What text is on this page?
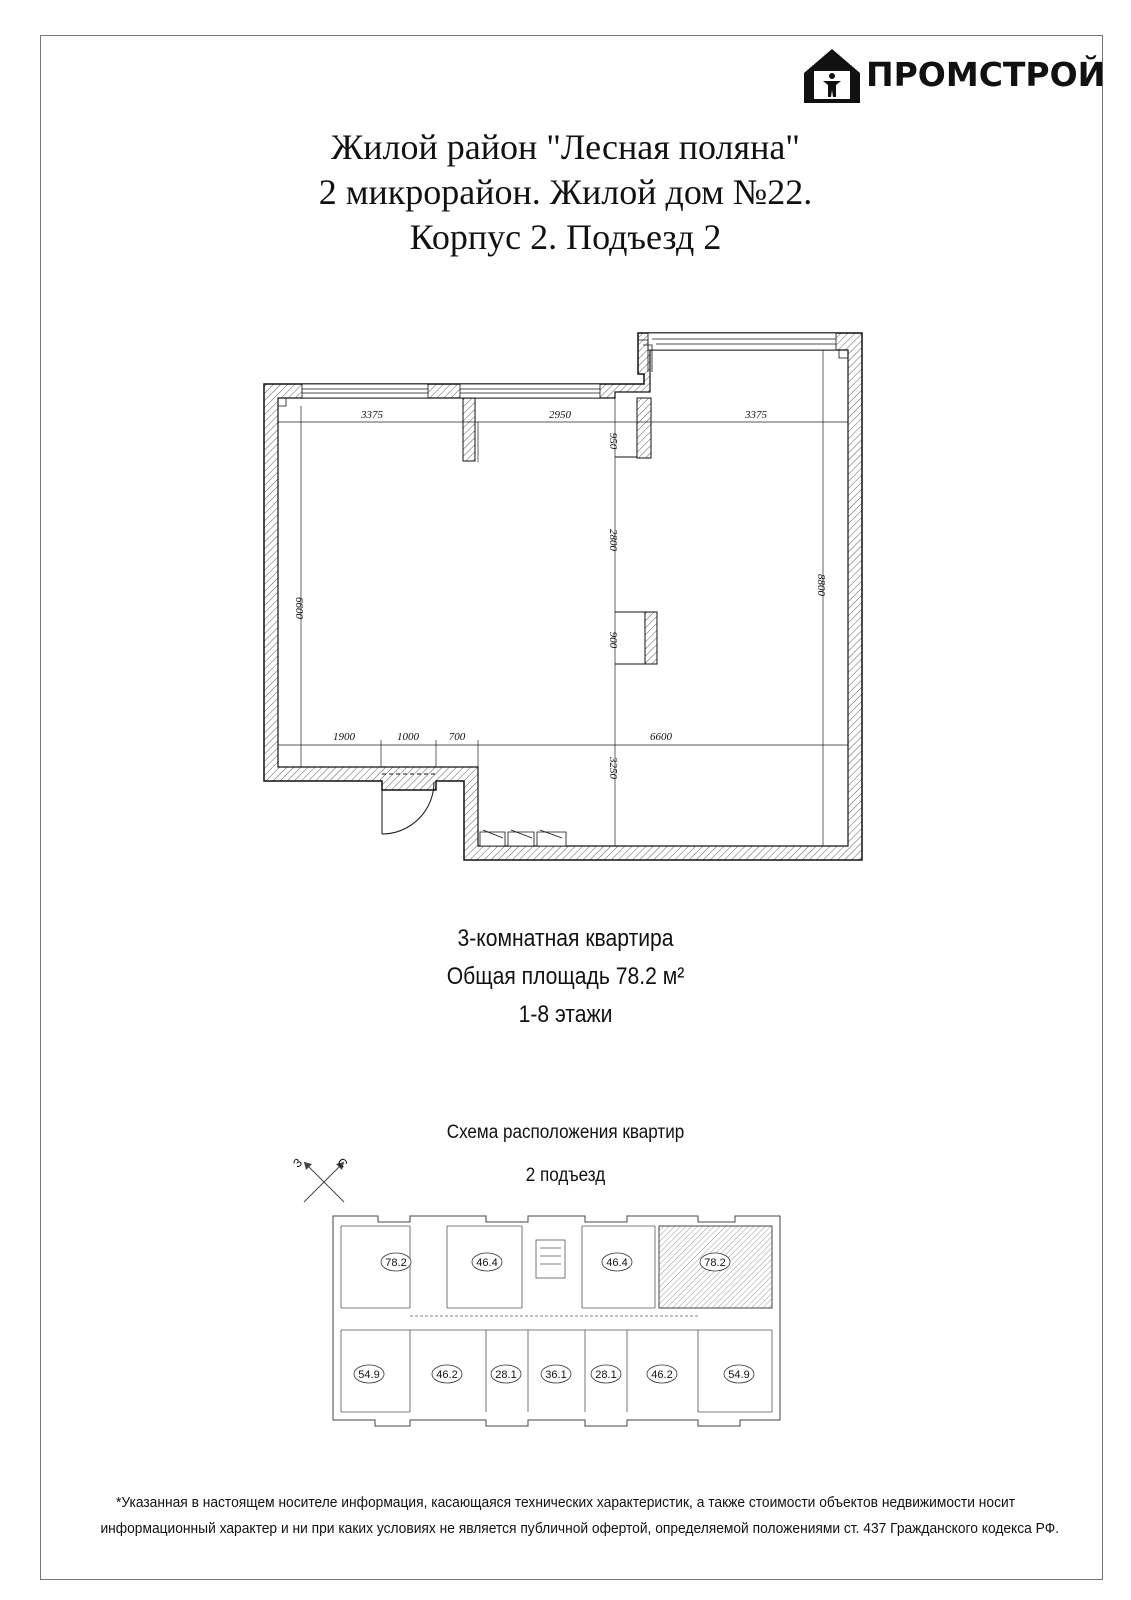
ПРОМСТРОЙ
Жилой район "Лесная поляна"
2 микрорайон. Жилой дом №22.
Корпус 2. Подъезд 2
3375	2950	3375
6600
8800
950
2800
900
3250
1900	1000	700	6600
3-комнатная квартира
Общая площадь 78.2 м²
1-8 этажи
Схема расположения квартир
2 подъезд
З С
78.2	46.4	46.4	78.2
54.9	46.2	28.1	36.1	28.1	46.2	54.9
*Указанная в настоящем носителе информация, касающаяся технических характеристик, а также стоимости объектов недвижимости носит
информационный характер и ни при каких условиях не является публичной офертой, определяемой положениями ст. 437 Гражданского кодекса РФ.
